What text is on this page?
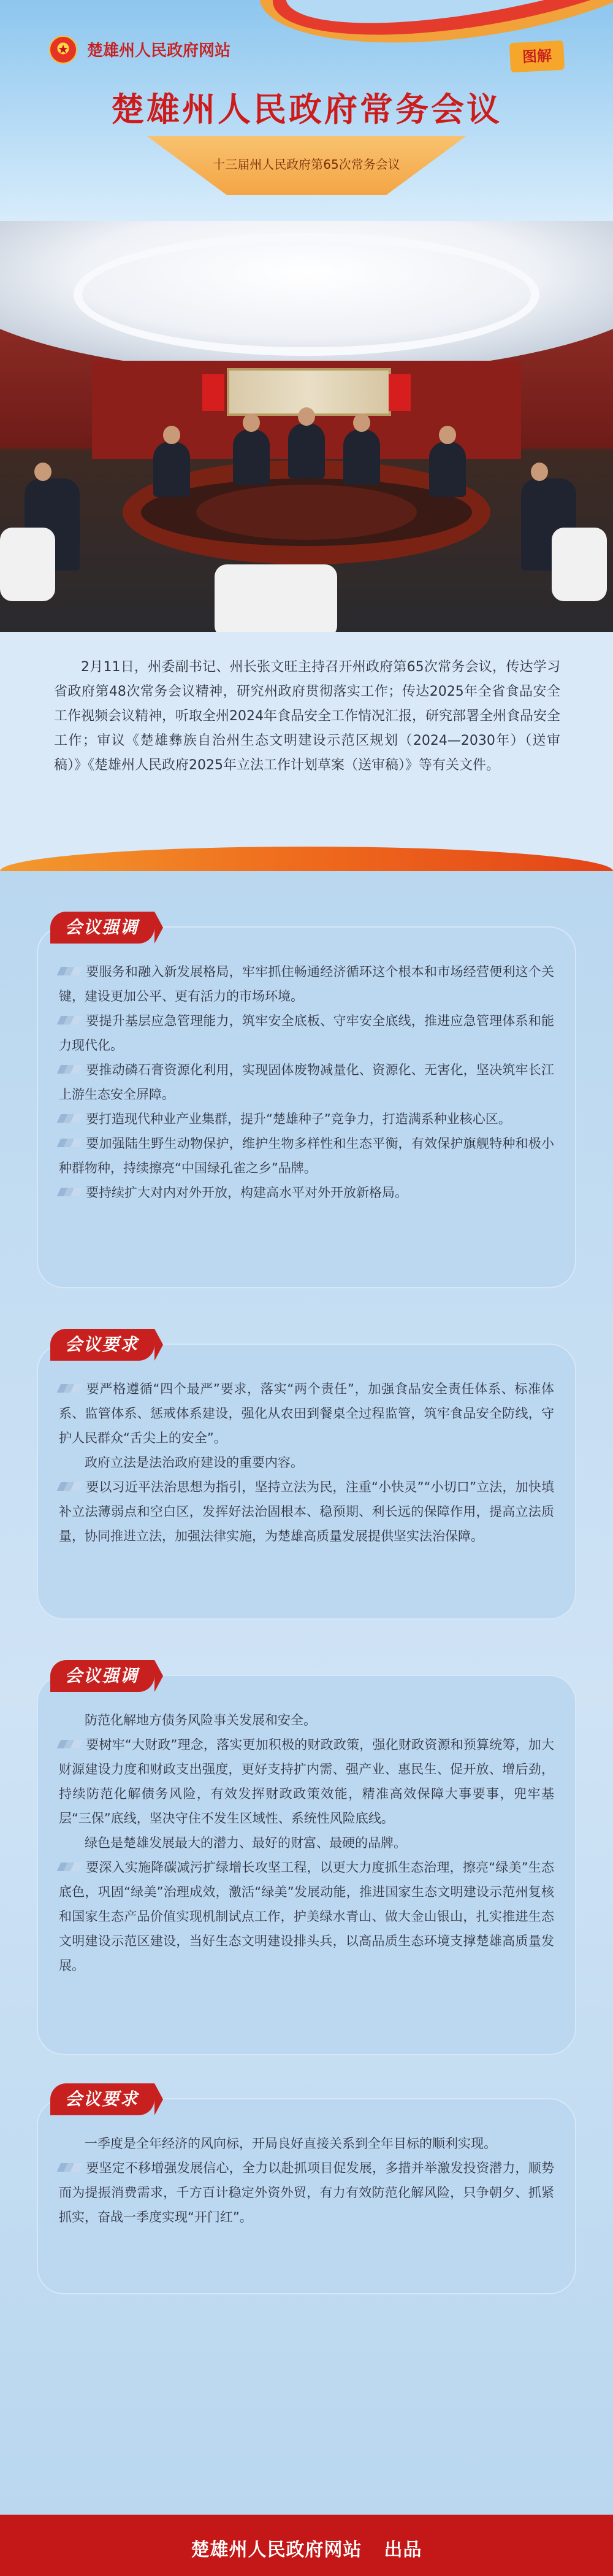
★	楚雄州人民政府网站	图解
楚雄州人民政府常务会议
十三届州人民政府第65次常务会议

2月11日，州委副书记、州长张文旺主持召开州政府第65次常务会议，传达学习省政府第48次常务会议精神，研究州政府贯彻落实工作；传达2025年全省食品安全工作视频会议精神，听取全州2024年食品安全工作情况汇报，研究部署全州食品安全工作；审议《楚雄彝族自治州生态文明建设示范区规划（2024—2030年）（送审稿）》《楚雄州人民政府2025年立法工作计划草案（送审稿）》等有关文件。

会议强调

要服务和融入新发展格局，牢牢抓住畅通经济循环这个根本和市场经营便利这个关键，建设更加公平、更有活力的市场环境。

要提升基层应急管理能力，筑牢安全底板、守牢安全底线，推进应急管理体系和能力现代化。

要推动磷石膏资源化利用，实现固体废物减量化、资源化、无害化，坚决筑牢长江上游生态安全屏障。

要打造现代种业产业集群，提升“楚雄种子”竞争力，打造满系种业核心区。

要加强陆生野生动物保护，维护生物多样性和生态平衡，有效保护旗舰特种和极小种群物种，持续擦亮“中国绿孔雀之乡”品牌。

要持续扩大对内对外开放，构建高水平对外开放新格局。

会议要求

要严格遵循“四个最严”要求，落实“两个责任”，加强食品安全责任体系、标准体系、监管体系、惩戒体系建设，强化从农田到餐桌全过程监管，筑牢食品安全防线，守护人民群众“舌尖上的安全”。

政府立法是法治政府建设的重要内容。

要以习近平法治思想为指引，坚持立法为民，注重“小快灵”“小切口”立法，加快填补立法薄弱点和空白区，发挥好法治固根本、稳预期、利长远的保障作用，提高立法质量，协同推进立法，加强法律实施，为楚雄高质量发展提供坚实法治保障。

会议强调

防范化解地方债务风险事关发展和安全。

要树牢“大财政”理念，落实更加积极的财政政策，强化财政资源和预算统筹，加大财源建设力度和财政支出强度，更好支持扩内需、强产业、惠民生、促开放、增后劲，持续防范化解债务风险，有效发挥财政政策效能，精准高效保障大事要事，兜牢基层“三保”底线，坚决守住不发生区域性、系统性风险底线。

绿色是楚雄发展最大的潜力、最好的财富、最硬的品牌。

要深入实施降碳减污扩绿增长攻坚工程，以更大力度抓生态治理，擦亮“绿美”生态底色，巩固“绿美”治理成效，激活“绿美”发展动能，推进国家生态文明建设示范州复核和国家生态产品价值实现机制试点工作，护美绿水青山、做大金山银山，扎实推进生态文明建设示范区建设，当好生态文明建设排头兵，以高品质生态环境支撑楚雄高质量发展。

会议要求

一季度是全年经济的风向标，开局良好直接关系到全年目标的顺利实现。

要坚定不移增强发展信心，全力以赴抓项目促发展，多措并举激发投资潜力，顺势而为提振消费需求，千方百计稳定外资外贸，有力有效防范化解风险，只争朝夕、抓紧抓实，奋战一季度实现“开门红”。

楚雄州人民政府网站 出品
